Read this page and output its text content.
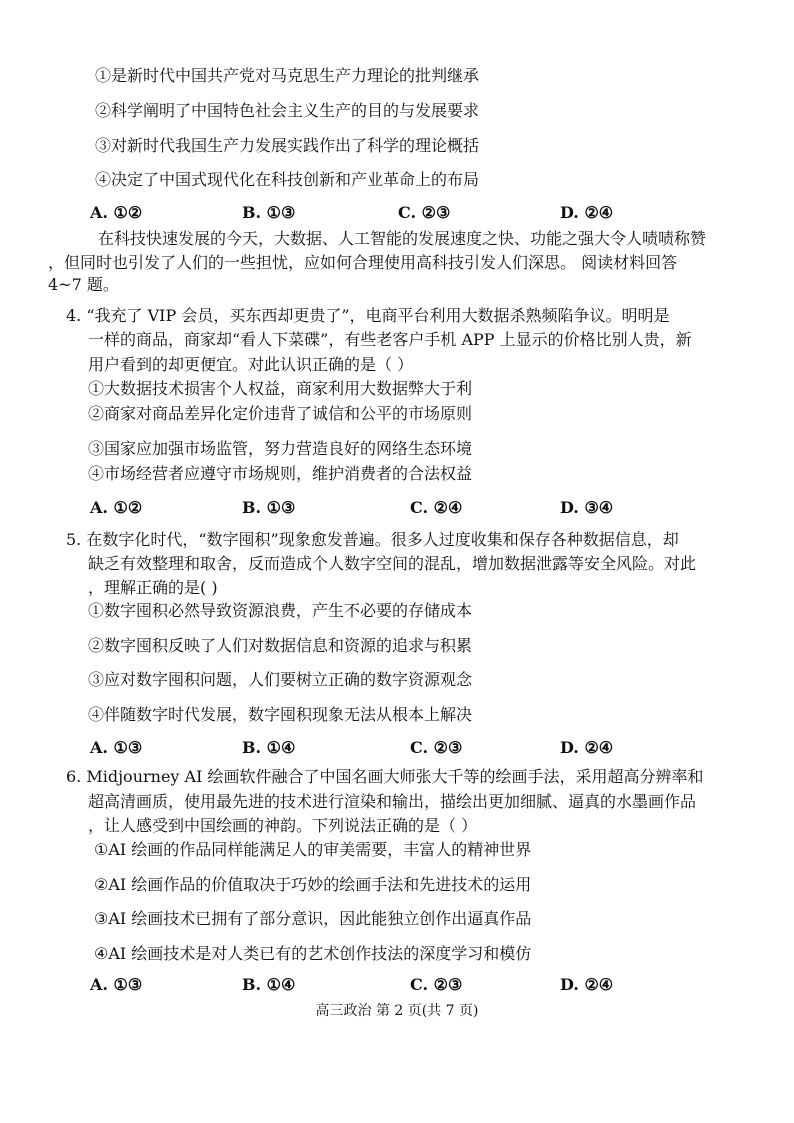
①是新时代中国共产党对马克思生产力理论的批判继承
②科学阐明了中国特色社会主义生产的目的与发展要求
③对新时代我国生产力发展实践作出了科学的理论概括
④决定了中国式现代化在科技创新和产业革命上的布局
A. ①②	B. ①③	C. ②③	D. ②④
在科技快速发展的今天，大数据、人工智能的发展速度之快、功能之强大令人啧啧称赞
，但同时也引发了人们的一些担忧，应如何合理使用高科技引发人们深思。 阅读材料回答
4~7 题。
4. “我充了 VIP 会员，买东西却更贵了”，电商平台利用大数据杀熟频陷争议。明明是
一样的商品，商家却“看人下菜碟”，有些老客户手机 APP 上显示的价格比别人贵，新
用户看到的却更便宜。对此认识正确的是（ ）
①大数据技术损害个人权益，商家利用大数据弊大于利
②商家对商品差异化定价违背了诚信和公平的市场原则
③国家应加强市场监管，努力营造良好的网络生态环境
④市场经营者应遵守市场规则，维护消费者的合法权益
A. ①②	B. ①③	C. ②④	D. ③④
5. 在数字化时代，“数字囤积”现象愈发普遍。很多人过度收集和保存各种数据信息，却
缺乏有效整理和取舍，反而造成个人数字空间的混乱，增加数据泄露等安全风险。对此
，理解正确的是( )
①数字囤积必然导致资源浪费，产生不必要的存储成本
②数字囤积反映了人们对数据信息和资源的追求与积累
③应对数字囤积问题，人们要树立正确的数字资源观念
④伴随数字时代发展，数字囤积现象无法从根本上解决
A. ①③	B. ①④	C. ②③	D. ②④
6. Midjourney AI 绘画软件融合了中国名画大师张大千等的绘画手法，采用超高分辨率和
超高清画质，使用最先进的技术进行渲染和输出，描绘出更加细腻、逼真的水墨画作品
，让人感受到中国绘画的神韵。下列说法正确的是（ ）
①AI 绘画的作品同样能满足人的审美需要，丰富人的精神世界
②AI 绘画作品的价值取决于巧妙的绘画手法和先进技术的运用
③AI 绘画技术已拥有了部分意识，因此能独立创作出逼真作品
④AI 绘画技术是对人类已有的艺术创作技法的深度学习和模仿
A. ①③	B. ①④	C. ②③	D. ②④
高三政治 第 2 页(共 7 页)
